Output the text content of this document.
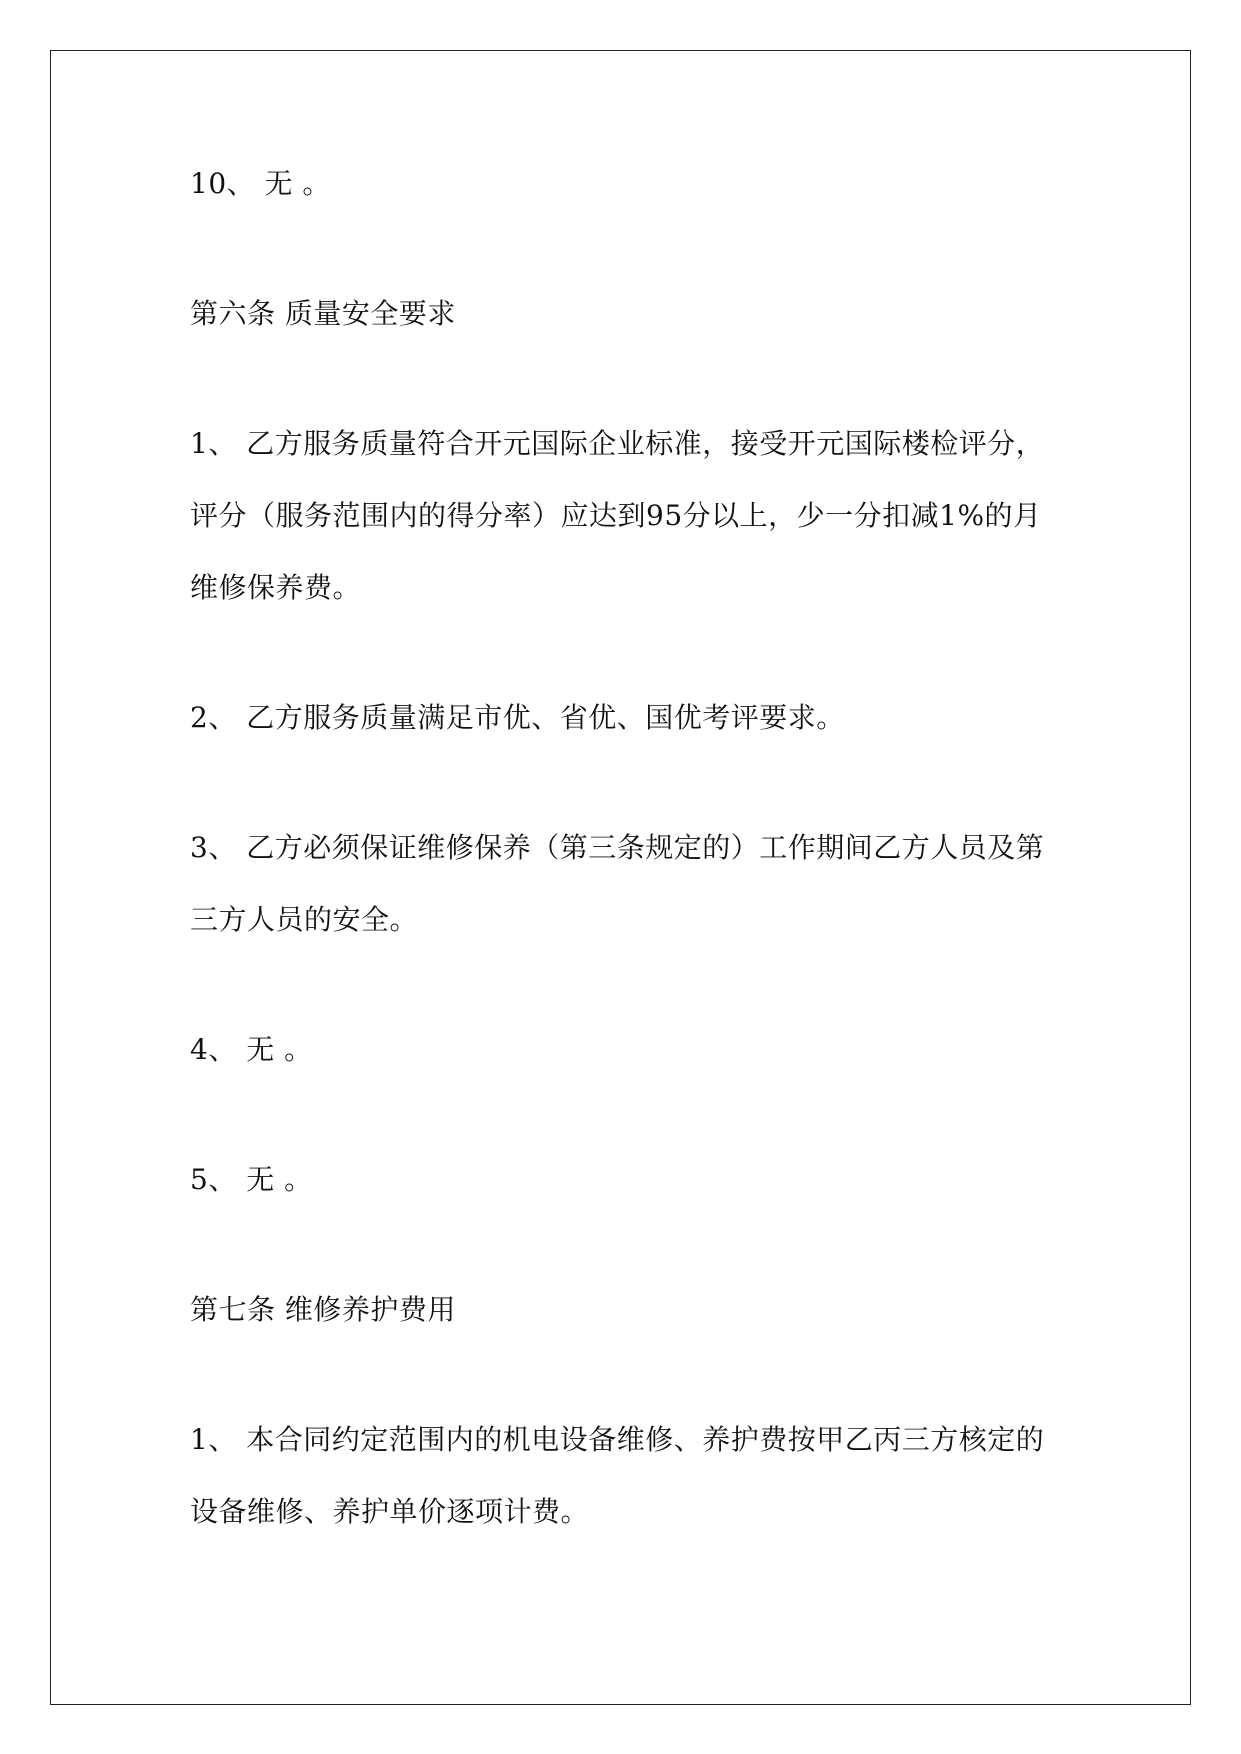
10、 无 。
第六条 质量安全要求
1、 乙方服务质量符合开元国际企业标准，接受开元国际楼检评分，
评分（服务范围内的得分率）应达到95分以上，少一分扣减1%的月
维修保养费。
2、 乙方服务质量满足市优、省优、国优考评要求。
3、 乙方必须保证维修保养（第三条规定的）工作期间乙方人员及第
三方人员的安全。
4、 无 。
5、 无 。
第七条 维修养护费用
1、 本合同约定范围内的机电设备维修、养护费按甲乙丙三方核定的
设备维修、养护单价逐项计费。
